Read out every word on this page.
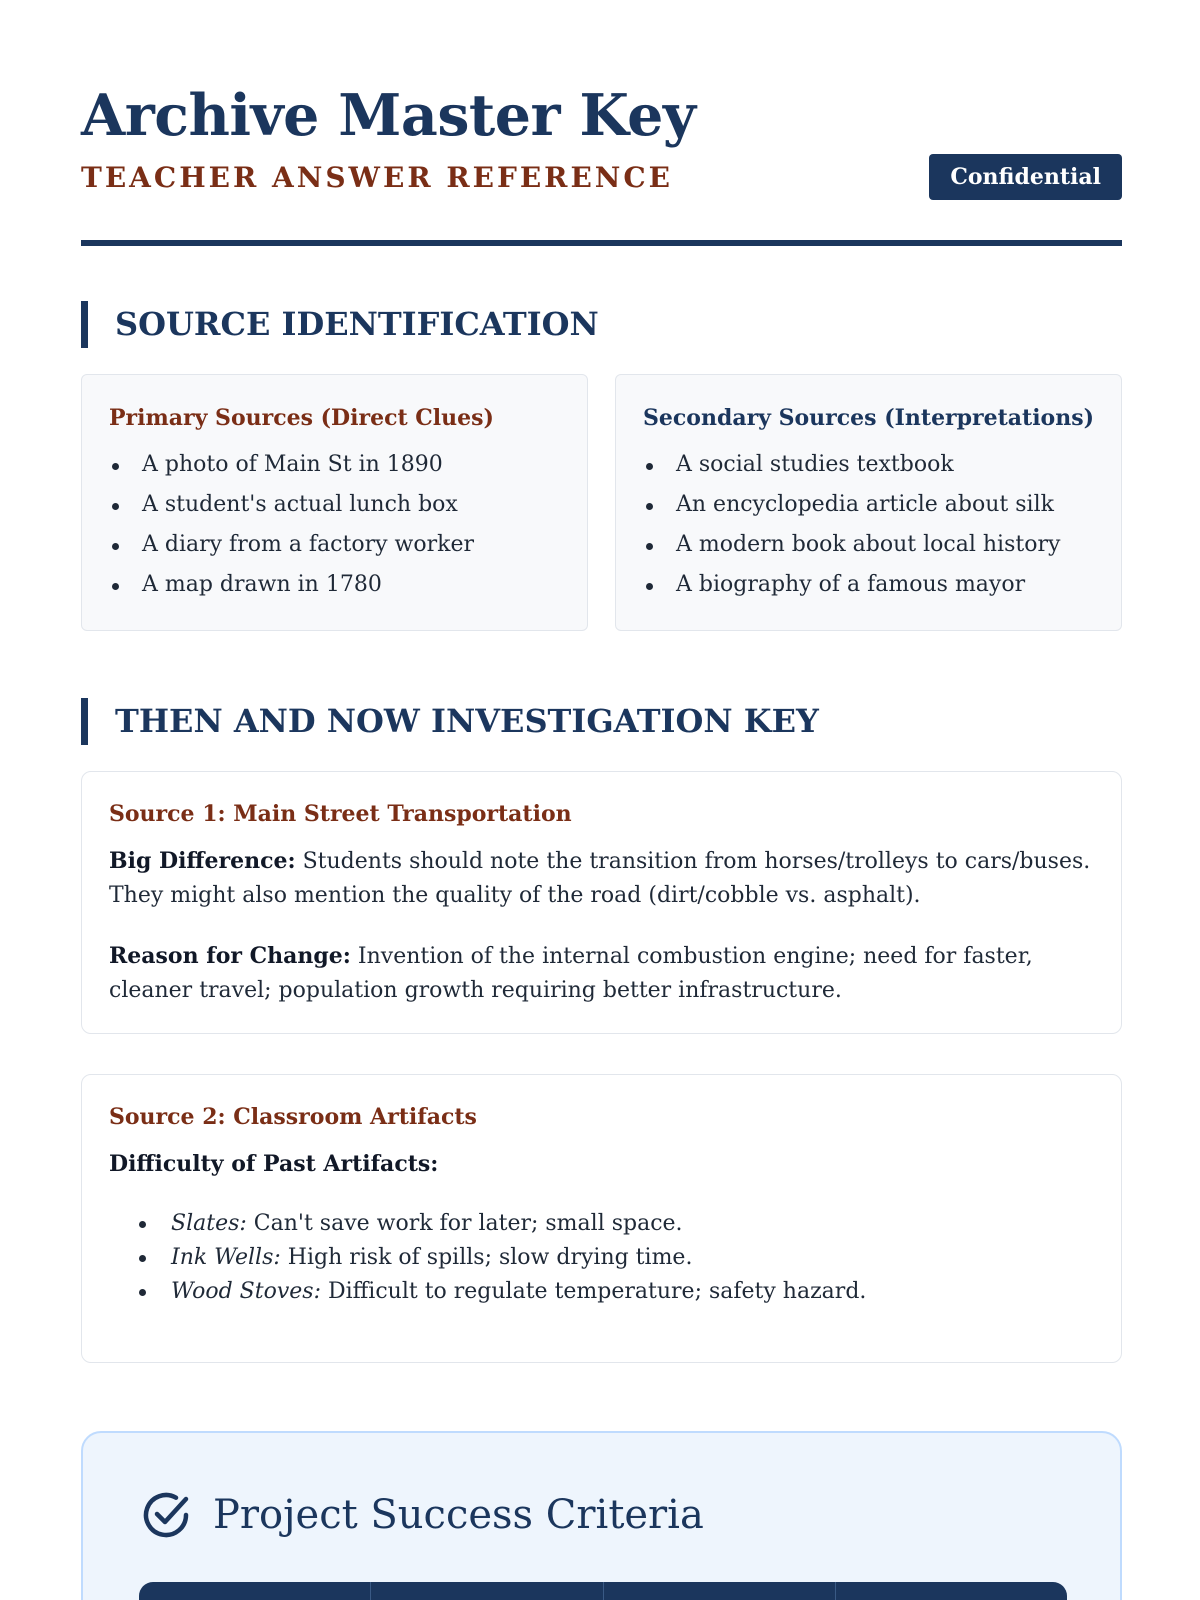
Archive Master Key
TEACHER ANSWER REFERENCE	Confidential
SOURCE IDENTIFICATION
Primary Sources (Direct Clues)
A photo of Main St in 1890
A student's actual lunch box
A diary from a factory worker
A map drawn in 1780
Secondary Sources (Interpretations)
A social studies textbook
An encyclopedia article about silk
A modern book about local history
A biography of a famous mayor
THEN AND NOW INVESTIGATION KEY
Source 1: Main Street Transportation

Big Difference: Students should note the transition from horses/trolleys to cars/buses. They might also mention the quality of the road (dirt/cobble vs. asphalt).

Reason for Change: Invention of the internal combustion engine; need for faster, cleaner travel; population growth requiring better infrastructure.

Source 2: Classroom Artifacts
Difficulty of Past Artifacts:
Slates: Can't save work for later; small space.
Ink Wells: High risk of spills; slow drying time.
Wood Stoves: Difficult to regulate temperature; safety hazard.
Project Success Criteria
